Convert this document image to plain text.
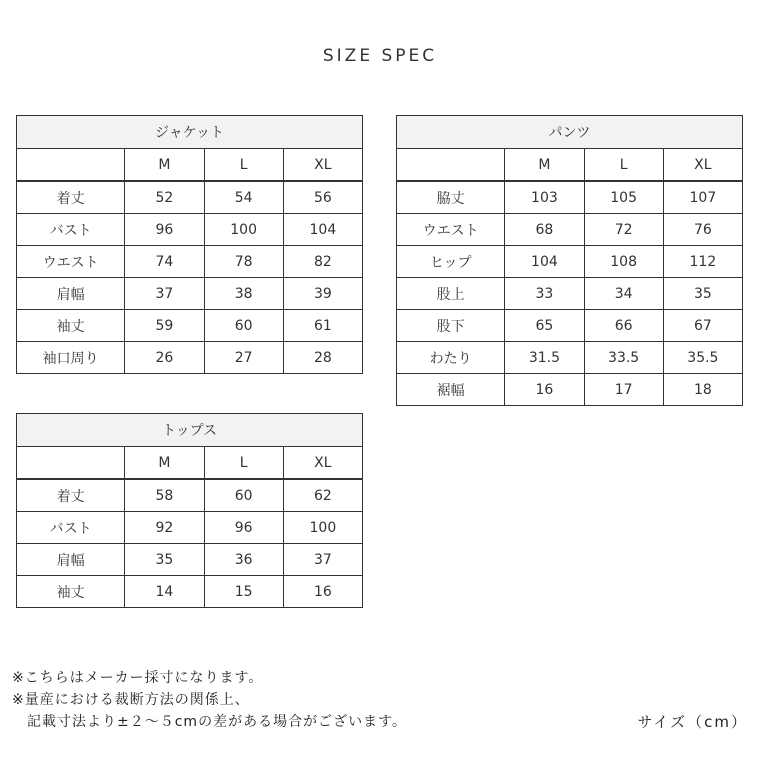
SIZE SPEC
ジャケット			
	M	L	XL
着丈	52	54	56
バスト	96	100	104
ウエスト	74	78	82
肩幅	37	38	39
袖丈	59	60	61
袖口周り	26	27	28
パンツ			
	M	L	XL
脇丈	103	105	107
ウエスト	68	72	76
ヒップ	104	108	112
股上	33	34	35
股下	65	66	67
わたり	31.5	33.5	35.5
裾幅	16	17	18
トップス			
	M	L	XL
着丈	58	60	62
バスト	92	96	100
肩幅	35	36	37
袖丈	14	15	16
※こちらはメーカー採寸になります。
※量産における裁断方法の関係上、
　記載寸法より±２～５cmの差がある場合がございます。	サイズ（cm）
